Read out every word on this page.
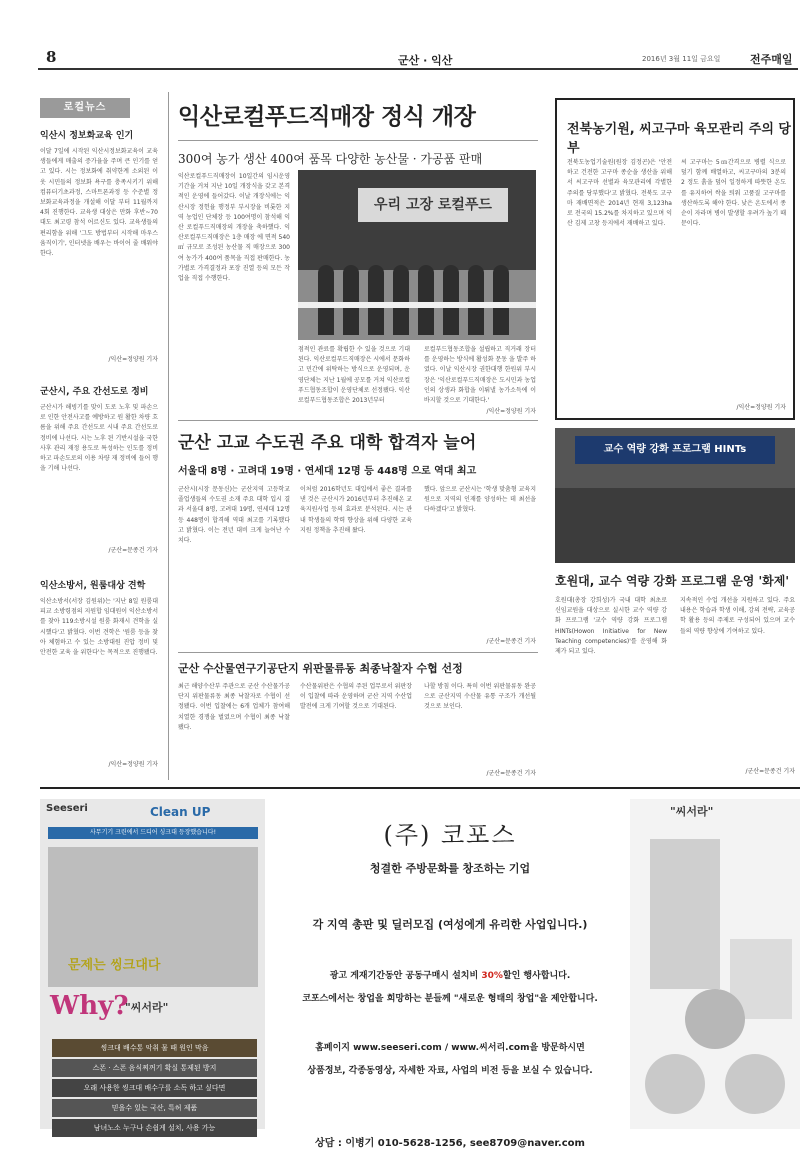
8	군산 · 익산	2016년 3월 11일 금요일	전주매일
로컬뉴스
익산시 정보화교육 인기
이달 7일에 시작된 익산시정보화교육이 교육생들에게 매출의 증가율을 주며 큰 인기를 얻고 있다. 시는 정보화에 취약한계 소외된 이 웃 시민들의 정보화 욕구를 충족시키기 위해 컴퓨터기초과정, 스마트폰과정 등 수준별 정보화교육과정을 개설해 이달 부터 11월까지 4회 진행한다. 교육생 대상은 만화 후반~70대도 최고령 참석 어르신도 있다. 교육생들의 편리함을 위해 '그도 방법부터 시작해 마우스 움직이기', 인터넷을 배우는 바이어 줄 배워야한다.
/익산=정양원 기자
군산시, 주요 간선도로 정비
군산시가 해빙기를 맞이 도로 노후 및 파손으로 인한 안전사고를 예방하고 원 활한 차량 흐름을 위해 주요 간선도로 시내 주요 간선도로 정비에 나선다. 시는 노후 된 기반시설을 국한 사후 관리 재정 용도로 특성하는 인도를 정비하고 파손도로의 이용 차량 재 정비에 들어 행을 기해 나선다.
/군산=문종건 기자
익산소방서, 원룸대상 견학
익산소방서(서장 김원위)는 '지난 8일 원룸대피교 소방령점의 지원합 임대원이 익산소방서를 찾아 119소방시설 원룸 화재시 견학을 실시했다'고 밝혔다. 이번 견학은 '원룸 등을 찾아 체험하고 수 있는 소방대원 진압 정비 및 안전한 교육 을 위한다'는 목적으로 진행됐다.
/익산=정양원 기자
익산로컬푸드직매장 정식 개장
300여 농가 생산 400여 품목 다양한 농산물 · 가공품 판매
익산로컬푸드직매장이 10일간의 임시운영 기간을 거쳐 지난 10일 개장식을 갖고 본격적인 운영에 들어갔다. 이날 개장식에는 익산시장 정헌율 행정부 부시장을 비롯한 지역 농업인 단체장 등 100여명이 참석해 익산 로컬푸드직매장의 개장을 축하했다. 익산로컬푸드직매장은 1층 매장 에 면적 540㎡ 규모로 조성된 농산물 직 매장으로 300여 농가가 400여 품목을 직접 판매한다. 농가별로 가격결정과 포장 진열 등의 모든 작업을 직접 수행한다.
우리 고장 로컬푸드
점적인 관료를 확립한 수 있을 것으로 기대된다. 익산로컬푸드직매장은 시에서 문화하고 민간에 위탁하는 방식으로 운영되며, 운영단체는 지난 1월에 공모를 거쳐 익산로컬푸드협동조합이 운영단체로 선정됐다. 익산로컬푸드협동조합은 2013년부터
로컬푸드협동조합을 설립하고 직거래 장터를 운영하는 방식에 활성화 문동 을 발주 하였다. 이날 익산시장 권한대행 한원위 부시장은 '익산로컬푸드직매장은 도시민과 농업인의 상생과 화합을 이뤄낼 농가소득에 이바지할 것으로 기대한다.'
/익산=정양원 기자
전북농기원, 씨고구마 육모관리 주의 당부
전북도농업기술원(원장 김정곤)은 '안전하고 건전한 고구마 종순을 생산을 위해서 씨고구마 선별과 육모관리에 각별한 주의를 당부했다'고 밝혔다. 전북도 고구마 재배면적은 2014년 현재 3,123ha로 전국의 15.2%를 차지하고 있으며 익산 김제 고창 등지에서 재배하고 있다.
씨 고구마는 5㎝간격으로 병렬 식으로 덮기 함께 배열하고, 씨고구마의 3분의 2 정도 흙을 덮어 일정하게 따뜻한 온도를 유지하여 싹을 틔워 고품질 고구마를 생산하도록 해야 한다. 낮은 온도에서 종순이 자라며 병이 발생할 우려가 높기 때문이다.
/익산=정양원 기자
군산 고교 수도권 주요 대학 합격자 늘어
서울대 8명 · 고려대 19명 · 연세대 12명 등 448명 으로 역대 최고
군산시(시장 문동신)는 군산지역 고등학교 졸업생들의 수도권 소재 주요 대학 입시 결과 서울대 8명, 고려대 19명, 연세대 12명 등 448명이 합격해 역대 최고를 기록했다고 밝혔다. 이는 전년 대비 크게 늘어난 수치다.
이처럼 2016학년도 대입에서 좋은 결과를 낸 것은 군산시가 2016년부터 추진해온 교육지원사업 등의 효과로 분석된다. 시는 관내 학생들의 학력 향상을 위해 다양한 교육지원 정책을 추진해 왔다.
했다. 앞으로 군산시는 '학생 맞춤형 교육지원으로 지역의 인재를 양성하는 데 최선을 다하겠다'고 밝혔다.
/군산=문종건 기자
교수 역량 강화 프로그램 HINTs
호원대, 교수 역량 강화 프로그램 운영 '화제'
호원대(총장 강희성)가 국내 대학 최초로 신임교원을 대상으로 실시한 교수 역량 강화 프로그램 '교수 역량 강화 프로그램 HINTs(Howon Initiative for New Teaching competencies)'를 운영해 화제가 되고 있다.
지속적인 수업 개선을 지원하고 있다. 주요내용은 학습과 학생 이해, 강의 전략, 교육공학 활용 등의 주제로 구성되어 있으며 교수들의 역량 향상에 기여하고 있다.
/군산=문종건 기자
군산 수산물연구기공단지 위판물류동 최종낙찰자 수협 선정
최근 해양수산부 주관으로 군산 수산물가공단지 위판물류동 최종 낙찰자로 수협이 선정됐다. 이번 입찰에는 6개 업체가 참여해 치열한 경쟁을 벌였으며 수협이 최종 낙찰됐다.
수산물위판은 수협의 주된 업무로서 위판장이 입찰에 따라 운영하며 군산 지역 수산업 발전에 크게 기여할 것으로 기대된다.
나할 방침 이다. 특히 이번 위판물류동 완공으로 군산지역 수산물 유통 구조가 개선될 것으로 보인다.
/군산=문종건 기자
Seeseri	Clean UP
사무기기 크린에서 드디어 싱크대 등장했습니다!
문제는 씽크대다
Why?
"씨서라"
씽크대 배수통 악취 물 때 원인 막음
스폰 · 스폰 음식찌꺼기 확실 통제된 방지
오래 사용한 씽크대 배수구를 소독 하고 싶다면
믿을수 있는 국산, 특허 제품
남녀노소 누구나 손쉽게 설치, 사용 가능
(주) 코포스
청결한 주방문화를 창조하는 기업
각 지역 총판 및 딜러모집 (여성에게 유리한 사업입니다.)
광고 게재기간동안 공동구매시 설치비 30%할인 행사합니다.
코포스에서는 창업을 희망하는 분들께 "새로운 형태의 창업"을 제안합니다.
홈페이지 www.seeseri.com / www.씨서리.com을 방문하시면
상품정보, 각종동영상, 자세한 자료, 사업의 비전 등을 보실 수 있습니다.
상담 : 이병기 010-5628-1256, see8709@naver.com
"씨서라"
